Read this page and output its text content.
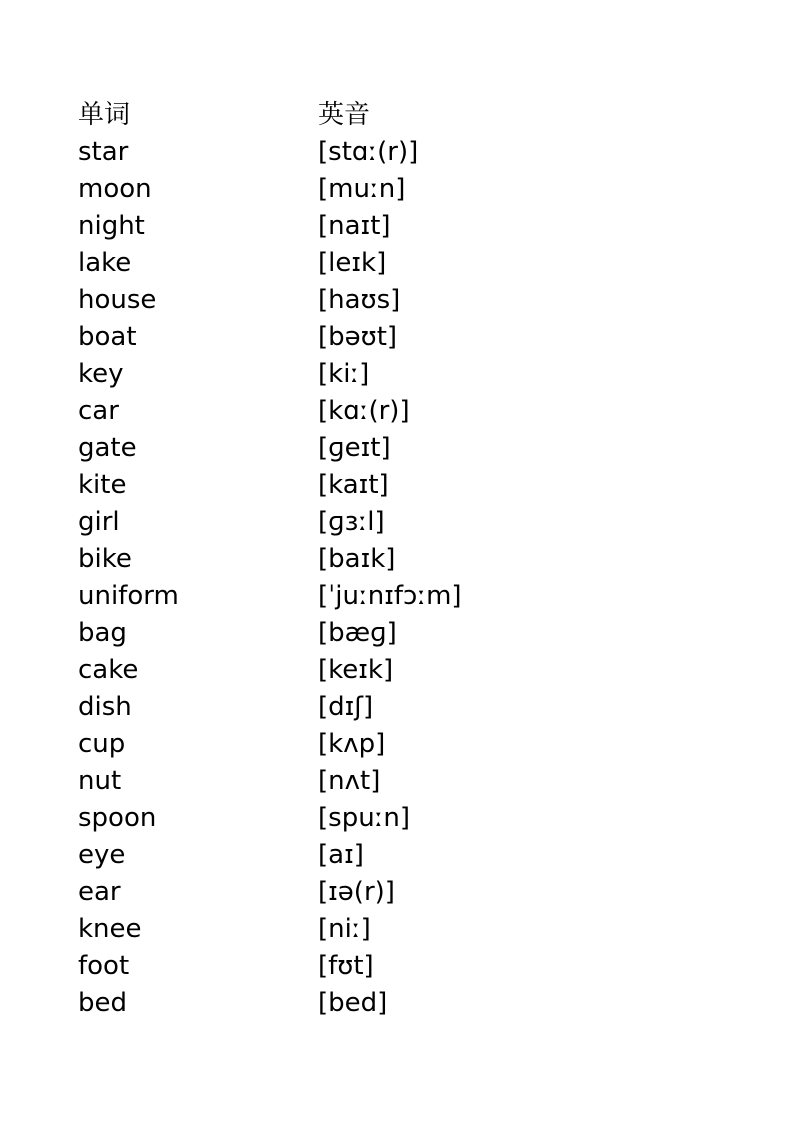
单词	英音
star	[stɑː(r)]
moon	[muːn]
night	[naɪt]
lake	[leɪk]
house	[haʊs]
boat	[bəʊt]
key	[kiː]
car	[kɑː(r)]
gate	[ɡeɪt]
kite	[kaɪt]
girl	[ɡɜːl]
bike	[baɪk]
uniform	[ˈjuːnɪfɔːm]
bag	[bæɡ]
cake	[keɪk]
dish	[dɪʃ]
cup	[kʌp]
nut	[nʌt]
spoon	[spuːn]
eye	[aɪ]
ear	[ɪə(r)]
knee	[niː]
foot	[fʊt]
bed	[bed]
